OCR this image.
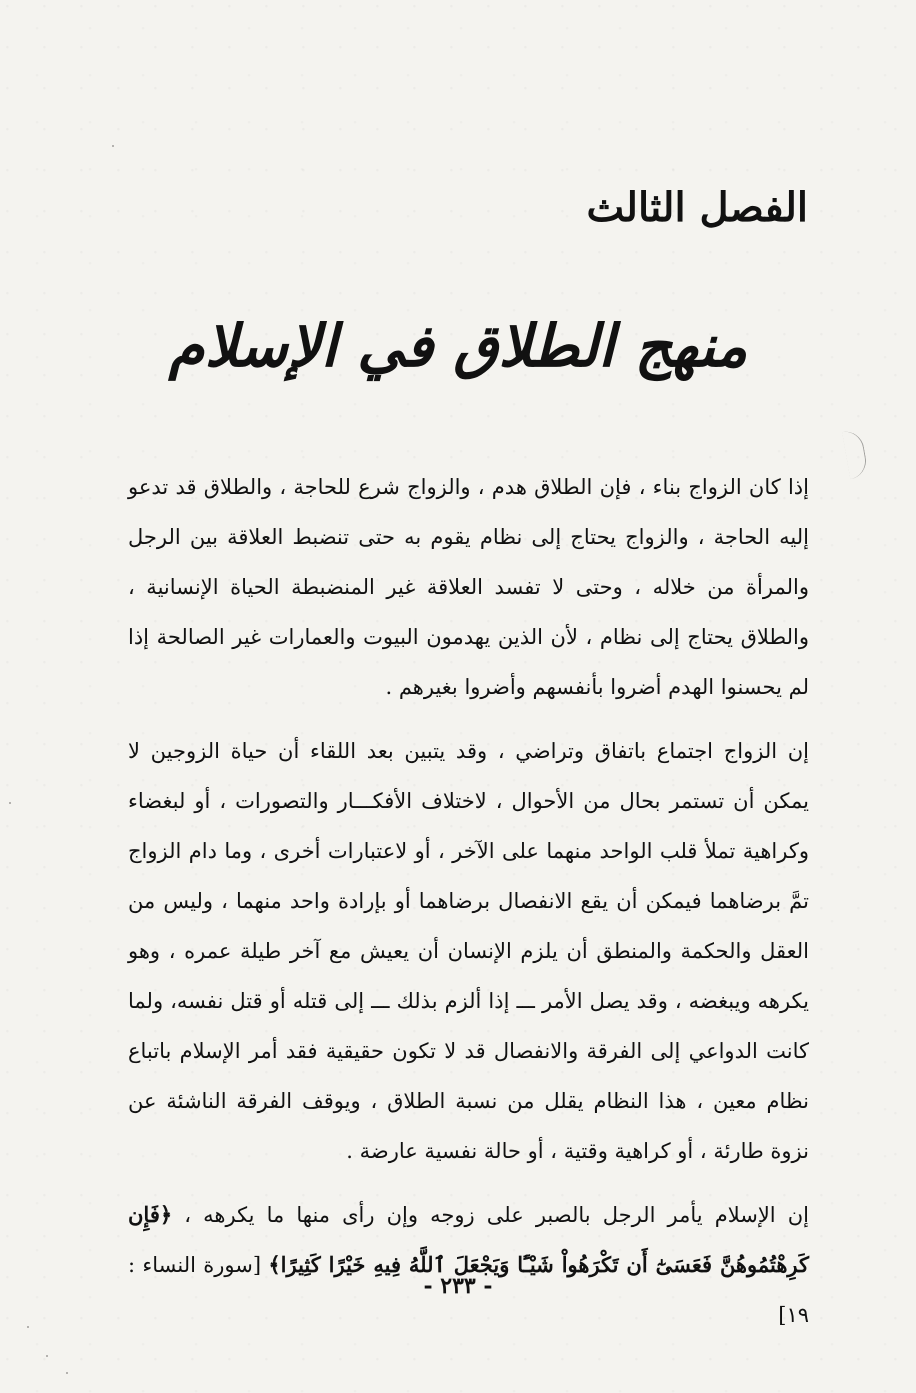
الفصل الثالث
منهج الطلاق في الإسلام

إذا كان الزواج بناء ، فإن الطلاق هدم ، والزواج شرع للحاجة ، والطلاق قد تدعو إليه الحاجة ، والزواج يحتاج إلى نظام يقوم به حتى تنضبط العلاقة بين الرجل والمرأة من خلاله ، وحتى لا تفسد العلاقة غير المنضبطة الحياة الإنسانية ، والطلاق يحتاج إلى نظام ، لأن الذين يهدمون البيوت والعمارات غير الصالحة إذا لم يحسنوا الهدم أضروا بأنفسهم وأضروا بغيرهم .

إن الزواج اجتماع باتفاق وتراضي ، وقد يتبين بعد اللقاء أن حياة الزوجين لا يمكن أن تستمر بحال من الأحوال ، لاختلاف الأفكـــار والتصورات ، أو لبغضاء وكراهية تملأ قلب الواحد منهما على الآخر ، أو لاعتبارات أخرى ، وما دام الزواج تمَّ برضاهما فيمكن أن يقع الانفصال برضاهما أو بإرادة واحد منهما ، وليس من العقل والحكمة والمنطق أن يلزم الإنسان أن يعيش مع آخر طيلة عمره ، وهو يكرهه ويبغضه ، وقد يصل الأمر ـــ إذا ألزم بذلك ـــ إلى قتله أو قتل نفسه، ولما كانت الدواعي إلى الفرقة والانفصال قد لا تكون حقيقية فقد أمر الإسلام باتباع نظام معين ، هذا النظام يقلل من نسبة الطلاق ، ويوقف الفرقة الناشئة عن نزوة طارئة ، أو كراهية وقتية ، أو حالة نفسية عارضة .

إن الإسلام يأمر الرجل بالصبر على زوجه وإن رأى منها ما يكرهه ، ﴿فَإِن كَرِهْتُمُوهُنَّ فَعَسَىٰٓ أَن تَكْرَهُواْ شَيْـًٔا وَيَجْعَلَ ٱللَّهُ فِيهِ خَيْرًا كَثِيرًا﴾ [سورة النساء : ١٩]

- ٢٣٣ -
